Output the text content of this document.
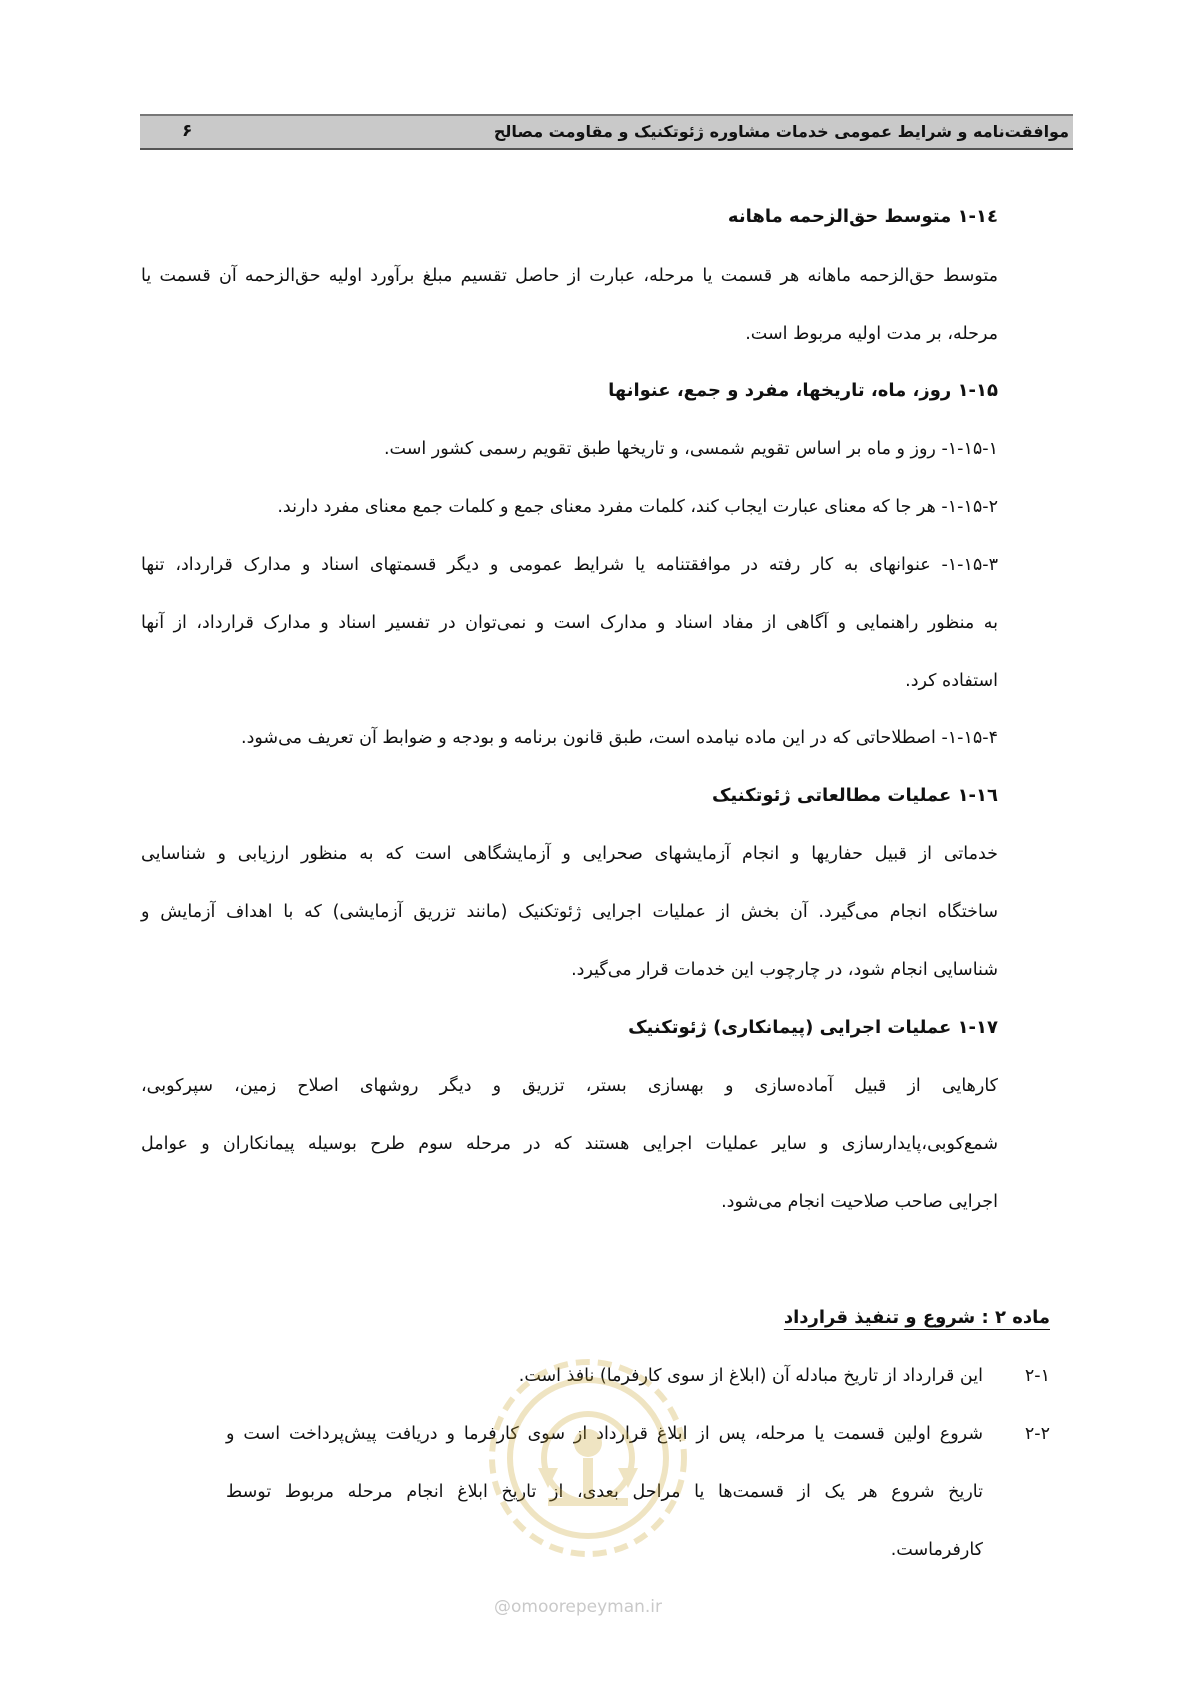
موافقت‌نامه و شرایط عمومی خدمات مشاوره ژئوتکنیک و مقاومت مصالح
۶
۱-۱٤ متوسط حق‌الزحمه ماهانه
متوسط حق‌الزحمه ماهانه هر قسمت یا مرحله، عبارت از حاصل تقسیم مبلغ برآورد اولیه حق‌الزحمه آن قسمت یا
مرحله، بر مدت اولیه مربوط است.
۱-۱۵ روز، ماه، تاریخها، مفرد و جمع، عنوانها
۱-۱۵-۱- روز و ماه بر اساس تقویم شمسی، و تاریخها طبق تقویم رسمی کشور است.
۱-۱۵-۲- هر جا که معنای عبارت ایجاب کند، کلمات مفرد معنای جمع و کلمات جمع معنای مفرد دارند.
۱-۱۵-۳- عنوانهای به کار رفته در موافقتنامه یا شرایط عمومی و دیگر قسمتهای اسناد و مدارک قرارداد، تنها
به منظور راهنمایی و آگاهی از مفاد اسناد و مدارک است و نمی‌توان در تفسیر اسناد و مدارک قرارداد، از آنها
استفاده کرد.
۱-۱۵-۴- اصطلاحاتی که در این ماده نیامده است، طبق قانون برنامه و بودجه و ضوابط آن تعریف می‌شود.
۱-۱٦ عملیات مطالعاتی ژئوتکنیک
خدماتی از قبیل حفاریها و انجام آزمایشهای صحرایی و آزمایشگاهی است که به منظور ارزیابی و شناسایی
ساختگاه انجام می‌گیرد. آن بخش از عملیات اجرایی ژئوتکنیک (مانند تزریق آزمایشی) که با اهداف آزمایش و
شناسایی انجام شود، در چارچوب این خدمات قرار می‌گیرد.
۱-۱۷ عملیات اجرایی (پیمانکاری) ژئوتکنیک
کارهایی از قبیل آماده‌سازی و بهسازی بستر، تزریق و دیگر روشهای اصلاح زمین، سپرکوبی،
شمع‌کوبی،پایدارسازی و سایر عملیات اجرایی هستند که در مرحله سوم طرح بوسیله پیمانکاران و عوامل
اجرایی صاحب صلاحیت انجام می‌شود.
ماده ۲ : شروع و تنفیذ قرارداد
۲-۱
این قرارداد از تاریخ مبادله آن (ابلاغ از سوی کارفرما) نافذ است.
۲-۲
شروع اولین قسمت یا مرحله، پس از ابلاغ قرارداد از سوی کارفرما و دریافت پیش‌پرداخت است و
تاریخ شروع هر یک از قسمت‌ها یا مراحل بعدی، از تاریخ ابلاغ انجام مرحله مربوط توسط
کارفرماست.
@omoorepeyman.ir
